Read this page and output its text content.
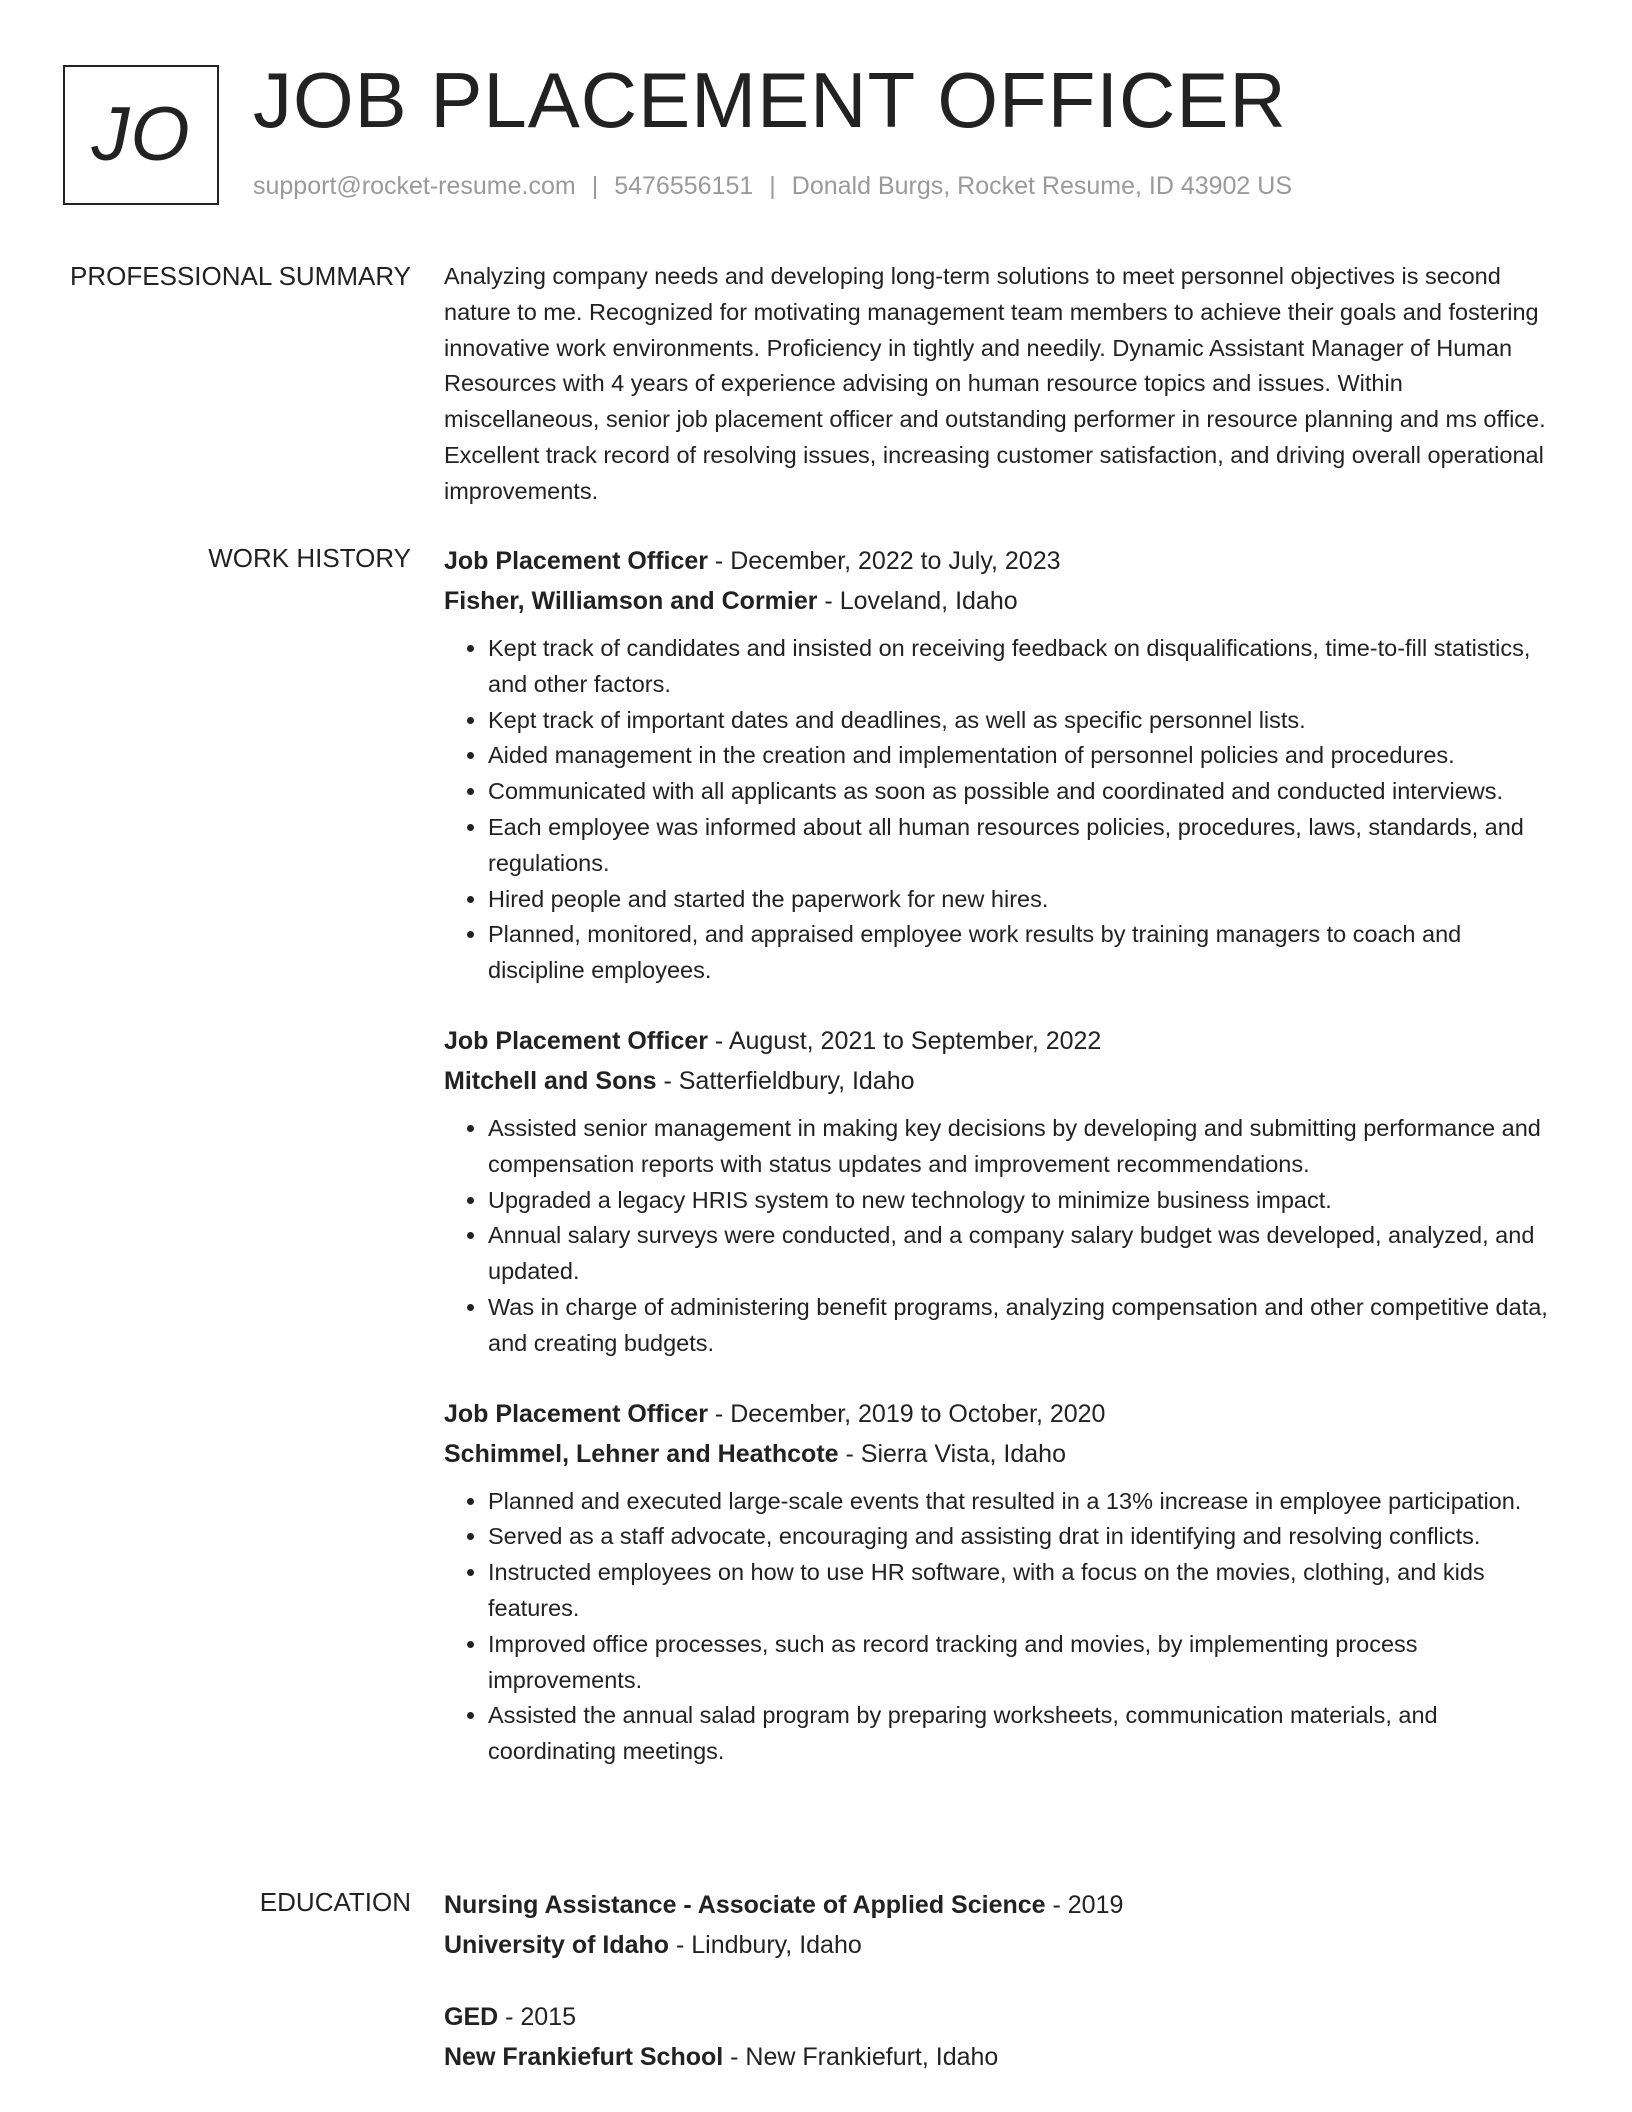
JO JOB PLACEMENT OFFICER
support@rocket-resume.com | 5476556151 | Donald Burgs, Rocket Resume, ID 43902 US
PROFESSIONAL SUMMARY Analyzing company needs and developing long-term solutions to meet personnel objectives is second nature to me. Recognized for motivating management team members to achieve their goals and fostering innovative work environments. Proficiency in tightly and needily. Dynamic Assistant Manager of Human Resources with 4 years of experience advising on human resource topics and issues. Within miscellaneous, senior job placement officer and outstanding performer in resource planning and ms office. Excellent track record of resolving issues, increasing customer satisfaction, and driving overall operational improvements.

WORK HISTORY Job Placement Officer - December, 2022 to July, 2023
Fisher, Williamson and Cormier - Loveland, Idaho
• Kept track of candidates and insisted on receiving feedback on disqualifications, time-to-fill statistics, and other factors.
• Kept track of important dates and deadlines, as well as specific personnel lists.
• Aided management in the creation and implementation of personnel policies and procedures.
• Communicated with all applicants as soon as possible and coordinated and conducted interviews.
• Each employee was informed about all human resources policies, procedures, laws, standards, and regulations.
• Hired people and started the paperwork for new hires.
• Planned, monitored, and appraised employee work results by training managers to coach and discipline employees.
Job Placement Officer - August, 2021 to September, 2022
Mitchell and Sons - Satterfieldbury, Idaho
• Assisted senior management in making key decisions by developing and submitting performance and compensation reports with status updates and improvement recommendations.
• Upgraded a legacy HRIS system to new technology to minimize business impact.
• Annual salary surveys were conducted, and a company salary budget was developed, analyzed, and updated.
• Was in charge of administering benefit programs, analyzing compensation and other competitive data, and creating budgets.
Job Placement Officer - December, 2019 to October, 2020
Schimmel, Lehner and Heathcote - Sierra Vista, Idaho
• Planned and executed large-scale events that resulted in a 13% increase in employee participation.
• Served as a staff advocate, encouraging and assisting drat in identifying and resolving conflicts.
• Instructed employees on how to use HR software, with a focus on the movies, clothing, and kids features.
• Improved office processes, such as record tracking and movies, by implementing process improvements.
• Assisted the annual salad program by preparing worksheets, communication materials, and coordinating meetings.
EDUCATION Nursing Assistance - Associate of Applied Science - 2019
University of Idaho - Lindbury, Idaho
GED - 2015
New Frankiefurt School - New Frankiefurt, Idaho
